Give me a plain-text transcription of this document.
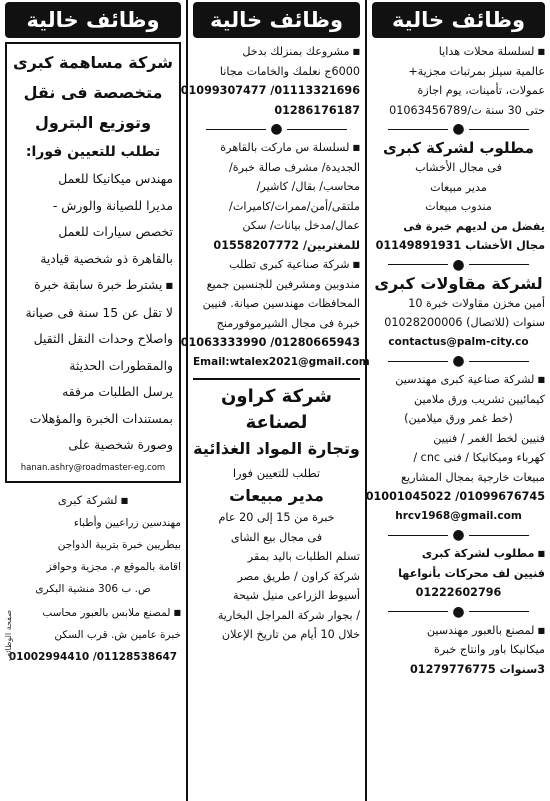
وظائف خالية
■ لسلسلة محلات هدايا
عالمية سيلز بمرتبات مجزية+
عمولات، تأمينات، يوم اجازة
حتى 30 سنة ت/01063456789
●

مطلوب لشركة كبرى

فى مجال الأخشاب
مدير مبيعات
مندوب مبيعات
يفضل من لديهم خبرة فى
مجال الأخشاب 01149891931
●

لشركة مقاولات كبرى

أمين مخزن مقاولات خبرة 10
سنوات (للاتصال) 01028200006
contactus@palm-city.co
●
■ لشركة صناعية كبرى مهندسين
كيمائيين تشريب ورق ملامين
(خط غمر ورق ميلامين)
فنيين لخط الغمر / فنيين
كهرباء وميكانيكا / فنى cnc /
مبيعات خارجية بمجال المشاريع
01099676745/ 01001045022
hrcv1968@gmail.com
●
■ مطلوب لشركة كبرى
فنيين لف محركات بأنواعها
01222602796
●
■ لمصنع بالعبور مهندسين
ميكانيكا باور وانتاج خبرة
3سنوات 01279776775
وظائف خالية
■ مشروعك بمنزلك بدخل
6000ج نعلمك والخامات مجانا
01113321696/ 01099307477
01286176187
●
■ لسلسلة س ماركت بالقاهرة
الجديدة/ مشرف صالة خبرة/
محاسب/ بقال/ كاشير/
ملتقى/أمن/ممرات/كاميرات/
عمال/مدخل بيانات/ سكن
للمغتربين/ 01558207772
■ شركة صناعية كبرى تطلب
مندوبين ومشرفين للجنسين جميع
المحافظات مهندسين صيانة. فنيين
خبرة فى مجال الشيرموفورمنج
01280665943/ 01063333990
Email:wtalex2021@gmail.com

شركة كراون لصناعة

وتجارة المواد الغذائية

تطلب للتعيين فورا

مدير مبيعات

خبرة من 15 إلى 20 عام
فى مجال بيع الشاى
تسلم الطلبات باليد بمقر
شركة كراون / طريق مصر
أسيوط الزراعى منيل شيحة
/ بجوار شركة المراجل البخارية
خلال 10 أيام من تاريخ الإعلان
وظائف خالية

شركة مساهمة كبرى

متخصصة فى نقل

وتوزيع البترول

تطلب للتعيين فورا:

مهندس ميكانيكا للعمل
مديرا للصيانة والورش -
تخصص سيارات للعمل
بالقاهرة ذو شخصية قيادية
■ يشترط خبرة سابقة خبرة
لا تقل عن 15 سنة فى صيانة
واصلاح وحدات النقل الثقيل
والمقطورات الحديثة
يرسل الطلبات مرفقه
بمستندات الخبرة والمؤهلات
وصورة شخصية على

hanan.ashry@roadmaster-eg.com

■ لشركة كبرى
مهندسين زراعيين وأطباء
بيطريين خبرة بتربية الدواجن
اقامة بالموقع م. مجزية وحوافز
ص. ب 306 منشية البكرى
■ لمصنع ملابس بالعبور محاسب
خبرة عامين ش. قرب السكن
01128538647/ 01002994410
صفحة الوظائف
